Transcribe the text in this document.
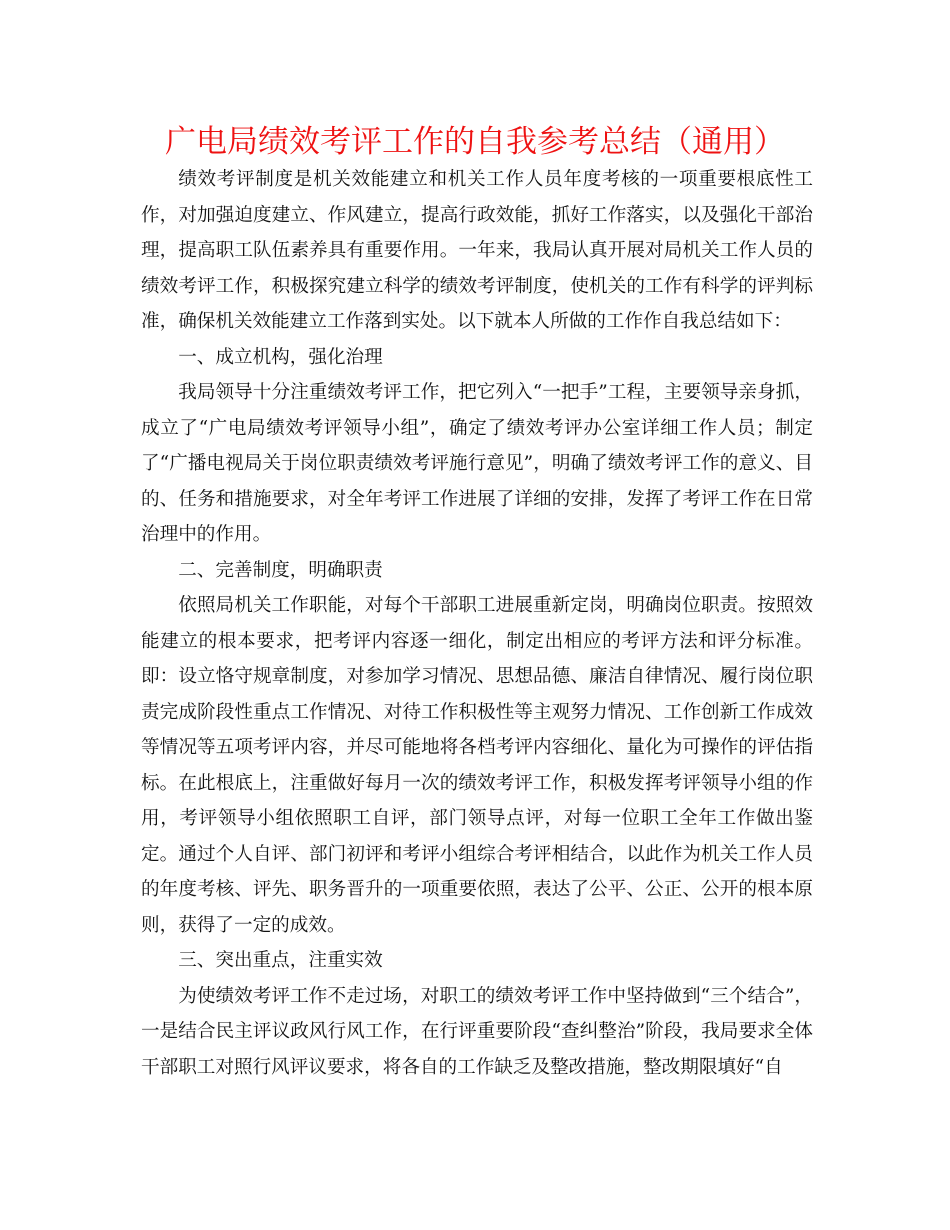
广电局绩效考评工作的自我参考总结（通用）

绩效考评制度是机关效能建立和机关工作人员年度考核的一项重要根底性工作，对加强迫度建立、作风建立，提高行政效能，抓好工作落实，以及强化干部治理，提高职工队伍素养具有重要作用。一年来，我局认真开展对局机关工作人员的绩效考评工作，积极探究建立科学的绩效考评制度，使机关的工作有科学的评判标准，确保机关效能建立工作落到实处。以下就本人所做的工作作自我总结如下：

一、成立机构，强化治理

我局领导十分注重绩效考评工作，把它列入“一把手”工程，主要领导亲身抓，成立了“广电局绩效考评领导小组”，确定了绩效考评办公室详细工作人员；制定了“广播电视局关于岗位职责绩效考评施行意见”，明确了绩效考评工作的意义、目的、任务和措施要求，对全年考评工作进展了详细的安排，发挥了考评工作在日常治理中的作用。

二、完善制度，明确职责

依照局机关工作职能，对每个干部职工进展重新定岗，明确岗位职责。按照效能建立的根本要求，把考评内容逐一细化，制定出相应的考评方法和评分标准。即：设立恪守规章制度，对参加学习情况、思想品德、廉洁自律情况、履行岗位职责完成阶段性重点工作情况、对待工作积极性等主观努力情况、工作创新工作成效等情况等五项考评内容，并尽可能地将各档考评内容细化、量化为可操作的评估指标。在此根底上，注重做好每月一次的绩效考评工作，积极发挥考评领导小组的作用，考评领导小组依照职工自评，部门领导点评，对每一位职工全年工作做出鉴定。通过个人自评、部门初评和考评小组综合考评相结合，以此作为机关工作人员的年度考核、评先、职务晋升的一项重要依照，表达了公平、公正、公开的根本原则，获得了一定的成效。

三、突出重点，注重实效

为使绩效考评工作不走过场，对职工的绩效考评工作中坚持做到“三个结合”，一是结合民主评议政风行风工作，在行评重要阶段“查纠整治”阶段，我局要求全体干部职工对照行风评议要求，将各自的工作缺乏及整改措施，整改期限填好“自
